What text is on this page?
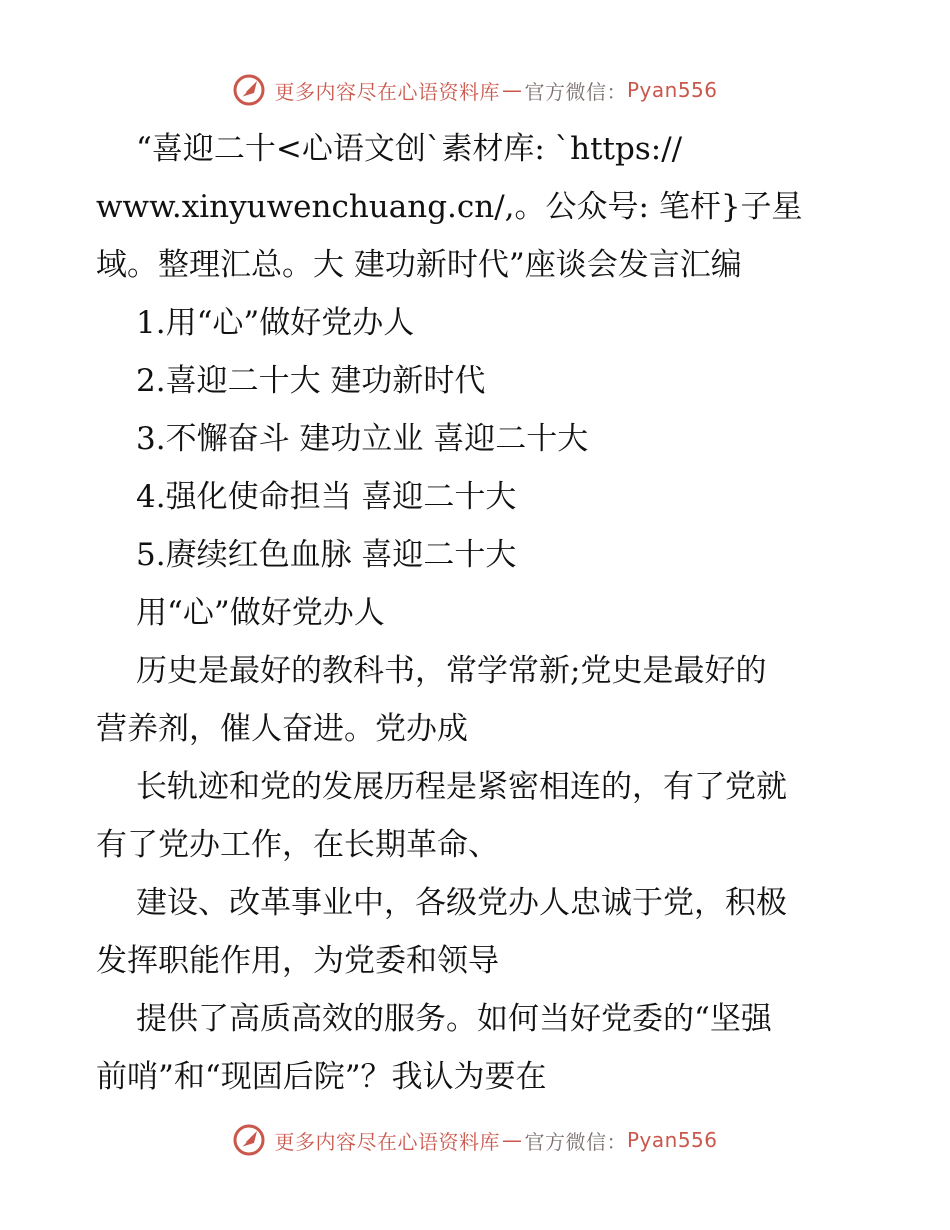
更多内容尽在心语资料库 — 官方微信： Pyan556
“喜迎二十<心语文创`素材库: `https://
www.xinyuwenchuang.cn/,。公众号: 笔杆}子星
域。整理汇总。大 建功新时代”座谈会发言汇编
1.用“心”做好党办人
2.喜迎二十大 建功新时代
3.不懈奋斗 建功立业 喜迎二十大
4.强化使命担当 喜迎二十大
5.赓续红色血脉 喜迎二十大
用“心”做好党办人
历史是最好的教科书，常学常新;党史是最好的
营养剂，催人奋进。党办成
长轨迹和党的发展历程是紧密相连的，有了党就
有了党办工作，在长期革命、
建设、改革事业中，各级党办人忠诚于党，积极
发挥职能作用，为党委和领导
提供了高质高效的服务。如何当好党委的“坚强
前哨”和“现固后院”？我认为要在
更多内容尽在心语资料库 — 官方微信： Pyan556
